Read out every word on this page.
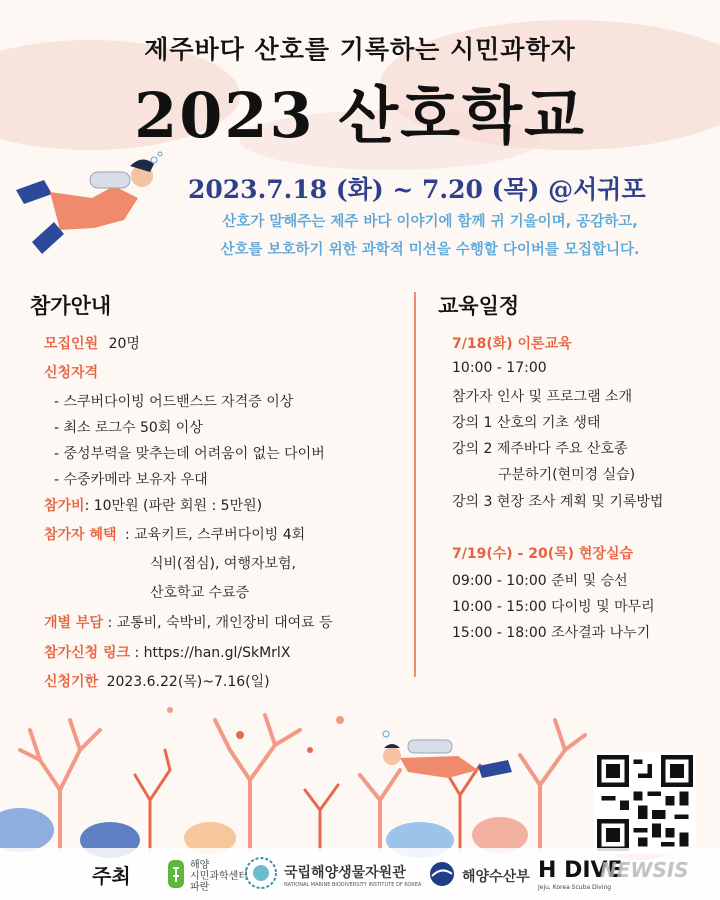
제주바다 산호를 기록하는 시민과학자
2023 산호학교
2023.7.18 (화) ~ 7.20 (목) @서귀포
산호가 말해주는 제주 바다 이야기에 함께 귀 기울이며, 공감하고,
산호를 보호하기 위한 과학적 미션을 수행할 다이버를 모집합니다.
참가안내
모집인원 20명
신청자격
- 스쿠버다이빙 어드밴스드 자격증 이상
- 최소 로그수 50회 이상
- 중성부력을 맞추는데 어려움이 없는 다이버
- 수중카메라 보유자 우대
참가비: 10만원 (파란 회원 : 5만원)
참가자 혜택 : 교육키트, 스쿠버다이빙 4회
식비(점심), 여행자보험,
산호학교 수료증
개별 부담 : 교통비, 숙박비, 개인장비 대여료 등
참가신청 링크 : https://han.gl/SkMrlX
신청기한 2023.6.22(목)~7.16(일)
교육일정
7/18(화) 이론교육
10:00 - 17:00
참가자 인사 및 프로그램 소개
강의 1 산호의 기초 생태
강의 2 제주바다 주요 산호종
구분하기(현미경 실습)
강의 3 현장 조사 계획 및 기록방법
7/19(수) - 20(목) 현장실습
09:00 - 10:00 준비 및 승선
10:00 - 15:00 다이빙 및 마무리
15:00 - 18:00 조사결과 나누기
주최	해양
시민과학센터
파란
국립해양생물자원관
NATIONAL MARINE BIODIVERSITY INSTITUTE OF KOREA	해양수산부 H DIVE
Jeju, Korea Scuba Diving
NEWSIS
